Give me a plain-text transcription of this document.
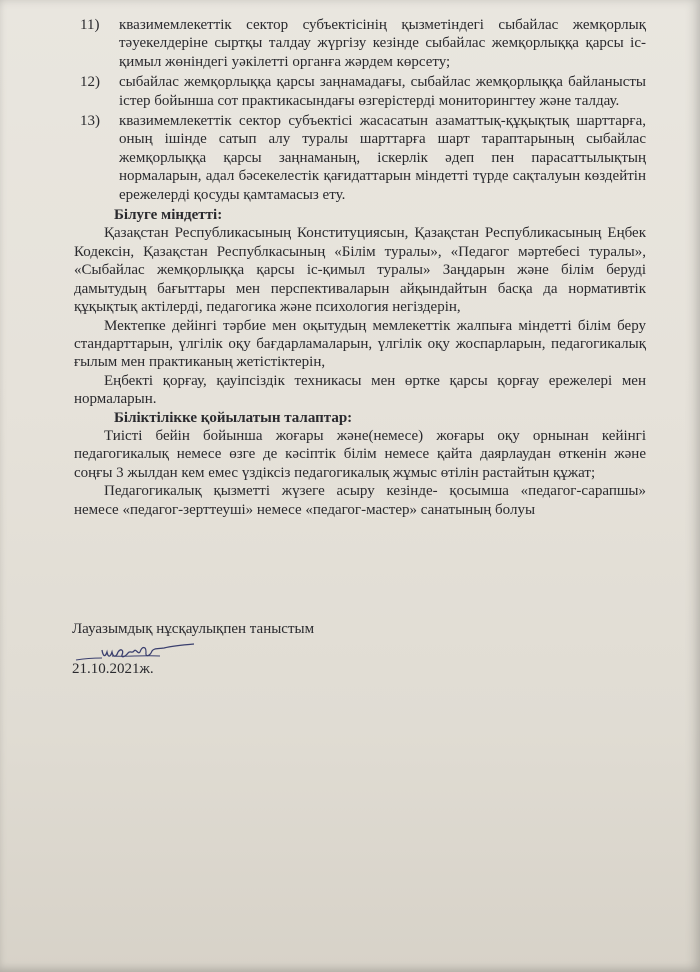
11) квазимемлекеттік сектор субъектісінің қызметіндегі сыбайлас жемқорлық тәуекелдеріне сыртқы талдау жүргізу кезінде сыбайлас жемқорлыққа қарсы іс-қимыл жөніндегі уәкілетті органға жәрдем көрсету;
12) сыбайлас жемқорлыққа қарсы заңнамадағы, сыбайлас жемқорлыққа байланысты істер бойынша сот практикасындағы өзгерістерді мониторингтеу және талдау.
13) квазимемлекеттік сектор субъектісі жасасатын азаматтық-құқықтық шарттарға, оның ішінде сатып алу туралы шарттарға шарт тараптарының сыбайлас жемқорлыққа қарсы заңнаманың, іскерлік әдеп пен парасаттылықтың нормаларын, адал бәсекелестік қағидаттарын міндетті түрде сақталуын көздейтін ережелерді қосуды қамтамасыз ету.

Білуге міндетті:

Қазақстан Республикасының Конституциясын, Қазақстан Республикасының Еңбек Кодексін, Қазақстан Республкасының «Білім туралы», «Педагог мәртебесі туралы», «Сыбайлас жемқорлыққа қарсы іс-қимыл туралы» Заңдарын және білім беруді дамытудың бағыттары мен перспективаларын айқындайтын басқа да нормативтік құқықтық актілерді, педагогика және психология негіздерін,

Мектепке дейінгі тәрбие мен оқытудың мемлекеттік жалпыға міндетті білім беру стандарттарын, үлгілік оқу бағдарламаларын, үлгілік оқу жоспарларын, педагогикалық ғылым мен практиканың жетістіктерін,

Еңбекті қорғау, қауіпсіздік техникасы мен өртке қарсы қорғау ережелері мен нормаларын.

Біліктілікке қойылатын талаптар:

Тиісті бейін бойынша жоғары және(немесе) жоғары оқу орнынан кейінгі педагогикалық немесе өзге де кәсіптік білім немесе қайта даярлаудан өткенін және соңғы 3 жылдан кем емес үздіксіз педагогикалық жұмыс өтілін растайтын құжат;

Педагогикалық қызметті жүзеге асыру кезінде- қосымша «педагог-сарапшы» немесе «педагог-зерттеуші» немесе «педагог-мастер» санатының болуы

Лауазымдық нұсқаулықпен таныстым
21.10.2021ж.
